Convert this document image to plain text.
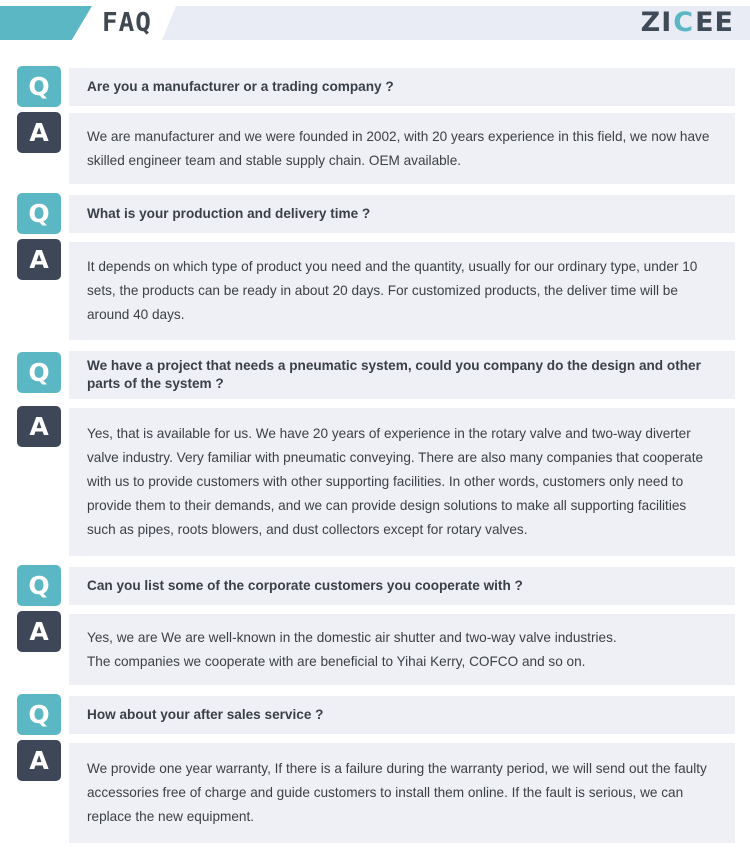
FAQ	ZI C EE
Q	Are you a manufacturer or a trading company ?
A	We are manufacturer and we were founded in 2002, with 20 years experience in this field, we now have skilled engineer team and stable supply chain. OEM available.
Q	What is your production and delivery time ?
A	It depends on which type of product you need and the quantity, usually for our ordinary type, under 10 sets, the products can be ready in about 20 days. For customized products, the deliver time will be around 40 days.
Q	We have a project that needs a pneumatic system, could you company do the design and other parts of the system ?
A	Yes, that is available for us. We have 20 years of experience in the rotary valve and two-way diverter valve industry. Very familiar with pneumatic conveying. There are also many companies that cooperate with us to provide customers with other supporting facilities. In other words, customers only need to provide them to their demands, and we can provide design solutions to make all supporting facilities such as pipes, roots blowers, and dust collectors except for rotary valves.
Q	Can you list some of the corporate customers you cooperate with ?
A	Yes, we are We are well-known in the domestic air shutter and two-way valve industries.
The companies we cooperate with are beneficial to Yihai Kerry, COFCO and so on.
Q	How about your after sales service ?
A	We provide one year warranty, If there is a failure during the warranty period, we will send out the faulty accessories free of charge and guide customers to install them online. If the fault is serious, we can replace the new equipment.
